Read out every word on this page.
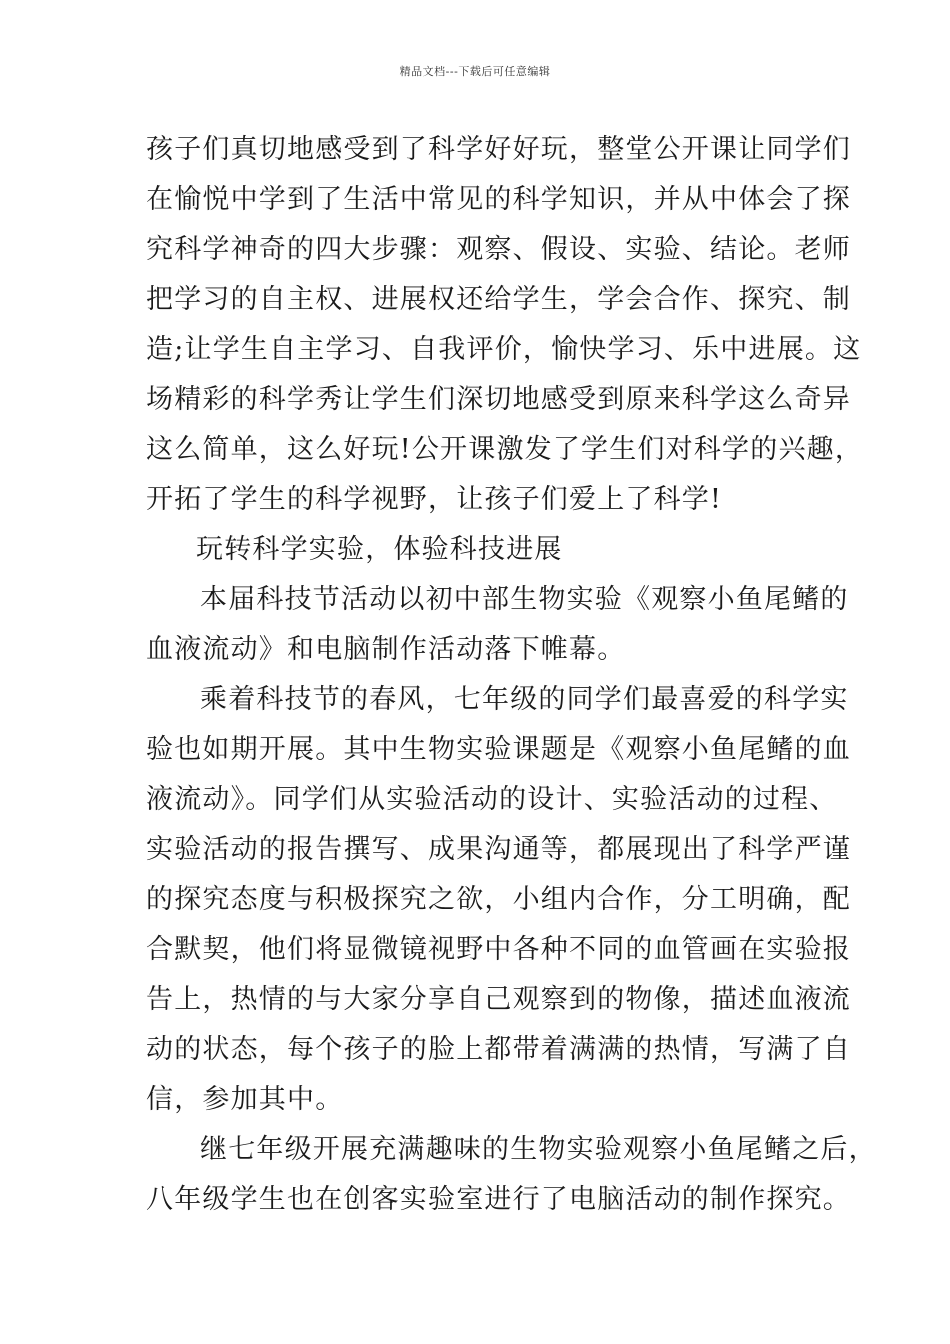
精品文档---下载后可任意编辑
孩子们真切地感受到了科学好好玩，整堂公开课让同学们
在愉悦中学到了生活中常见的科学知识，并从中体会了探
究科学神奇的四大步骤：观察、假设、实验、结论。老师
把学习的自主权、进展权还给学生，学会合作、探究、制
造;让学生自主学习、自我评价，愉快学习、乐中进展。这
场精彩的科学秀让学生们深切地感受到原来科学这么奇异
这么简单，这么好玩!公开课激发了学生们对科学的兴趣，
开拓了学生的科学视野，让孩子们爱上了科学!
玩转科学实验，体验科技进展
本届科技节活动以初中部生物实验《观察小鱼尾鳍的
血液流动》和电脑制作活动落下帷幕。
乘着科技节的春风，七年级的同学们最喜爱的科学实
验也如期开展。其中生物实验课题是《观察小鱼尾鳍的血
液流动》。同学们从实验活动的设计、实验活动的过程、
实验活动的报告撰写、成果沟通等，都展现出了科学严谨
的探究态度与积极探究之欲，小组内合作，分工明确，配
合默契，他们将显微镜视野中各种不同的血管画在实验报
告上，热情的与大家分享自己观察到的物像，描述血液流
动的状态，每个孩子的脸上都带着满满的热情，写满了自
信，参加其中。
继七年级开展充满趣味的生物实验观察小鱼尾鳍之后，
八年级学生也在创客实验室进行了电脑活动的制作探究。
